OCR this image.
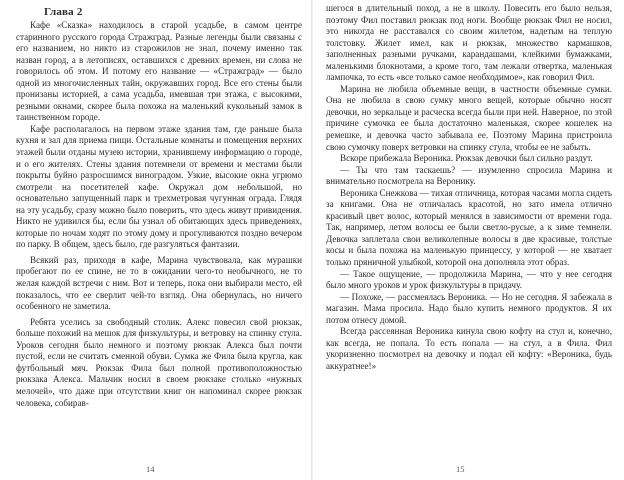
Глава 2

Кафе «Сказка» находилось в старой усадьбе, в самом центре старинного русского города Стражград. Разные легенды были связаны с его названием, но никто из старожилов не знал, почему именно так назван город, а в летописях, оставшихся с древних времен, ни слова не говорилось об этом. И потому его название — «Стражград» — было одной из многочисленных тайн, окружавших город. Все его стены были пронизаны историей, а сама усадьба, имевшая три этажа, с высокими, резными окнами, скорее была похожа на маленький кукольный замок в таинственном городе.

Кафе располагалось на первом этаже здания там, где раньше была кухня и зал для приема пищи. Остальные комнаты и помещения верхних этажей были отданы музею истории, хранившему информацию о городе, и о его жителях. Стены здания потемнели от времени и местами были покрыты буйно разросшимся виноградом. Узкие, высокие окна угрюмо смотрели на посетителей кафе. Окружал дом небольшой, но основательно запущенный парк и трехметровая чугунная ограда. Глядя на эту усадьбу, сразу можно было поверить, что здесь живут привидения. Никто не удивился бы, если бы узнал об обитающих здесь приведениях, которые по ночам ходят по этому дому и прогуливаются поздно вечером по парку. В общем, здесь было, где разгуляться фантазии.

Всякий раз, приходя в кафе, Марина чувствовала, как мурашки пробегают по ее спине, не то в ожидании чего-то необычного, не то желая каждой встречи с ним. Вот и теперь, пока они выбирали место, ей показалось, что ее сверлит чей-то взгляд. Она обернулась, но ничего особенного не заметила.

Ребята уселись за свободный столик. Алекс повесил свой рюкзак, больше похожий на мешок для физкультуры, и ветровку на спинку стула. Уроков сегодня было немного и поэтому рюкзак Алекса был почти пустой, если не считать сменной обуви. Сумка же Фила была кругла, как футбольный мяч. Рюкзак Фила был полной противоположностью рюкзака Алекса. Мальчик носил в своем рюкзаке столько «нужных мелочей», что даже при отсутствии книг он напоминал скорее рюкзак человека, собирав-

14

шегося в длительный поход, а не в школу. Повесить его было нельзя, поэтому Фил поставил рюкзак под ноги. Вообще рюкзак Фил не носил, это никогда не расставался со своим жилетом, надетым на теплую толстовку. Жилет имел, как и рюкзак, множество кармашков, заполненных разными ручками, карандашами, клейкими бумажками, маленькими блокнотами, а кроме того, там лежали отвертка, маленькая лампочка, то есть «все только самое необходимое», как говорил Фил.

Марина не любила объемные вещи, в частности объемные сумки. Она не любила в свою сумку много вещей, которые обычно носят девочки, но зеркальце и расческа всегда были при ней. Наверное, по этой причине сумочка ее была достаточно маленькая, скорее кошелек на ремешке, и девочка часто забывала ее. Поэтому Марина пристроила свою сумочку поверх ветровки на спинку стула, чтобы ее не забыть.

Вскоре прибежала Вероника. Рюкзак девочки был сильно раздут.

— Ты что там таскаешь? — изумленно спросила Марина и внимательно посмотрела на Веронику.

Вероника Снежкова — тихая отличница, которая часами могла сидеть за книгами. Она не отличалась красотой, но зато имела отлично красивый цвет волос, который менялся в зависимости от времени года. Так, например, летом волосы ее были светло-русые, а к зиме темнели. Девочка заплетала свои великолепные волосы в две красивые, толстые косы и была похожа на маленькую принцессу, у которой — не хватает только пряничной улыбкой, которой она дополняла этот образ.

— Такое ощущение, — продолжила Марина, — что у нее сегодня было много уроков и урок физкультуры в придачу.

— Похоже, — рассмеялась Вероника. — Но не сегодня. Я забежала в магазин. Мама просила. Надо было купить немного продуктов. Я их потом отнесу домой.

Всегда рассеянная Вероника кинула свою кофту на стул и, конечно, как всегда, не попала. То есть попала — на стул, а в Фила. Фил укоризненно посмотрел на девочку и подал ей кофту: «Вероника, будь аккуратнее!»

15
